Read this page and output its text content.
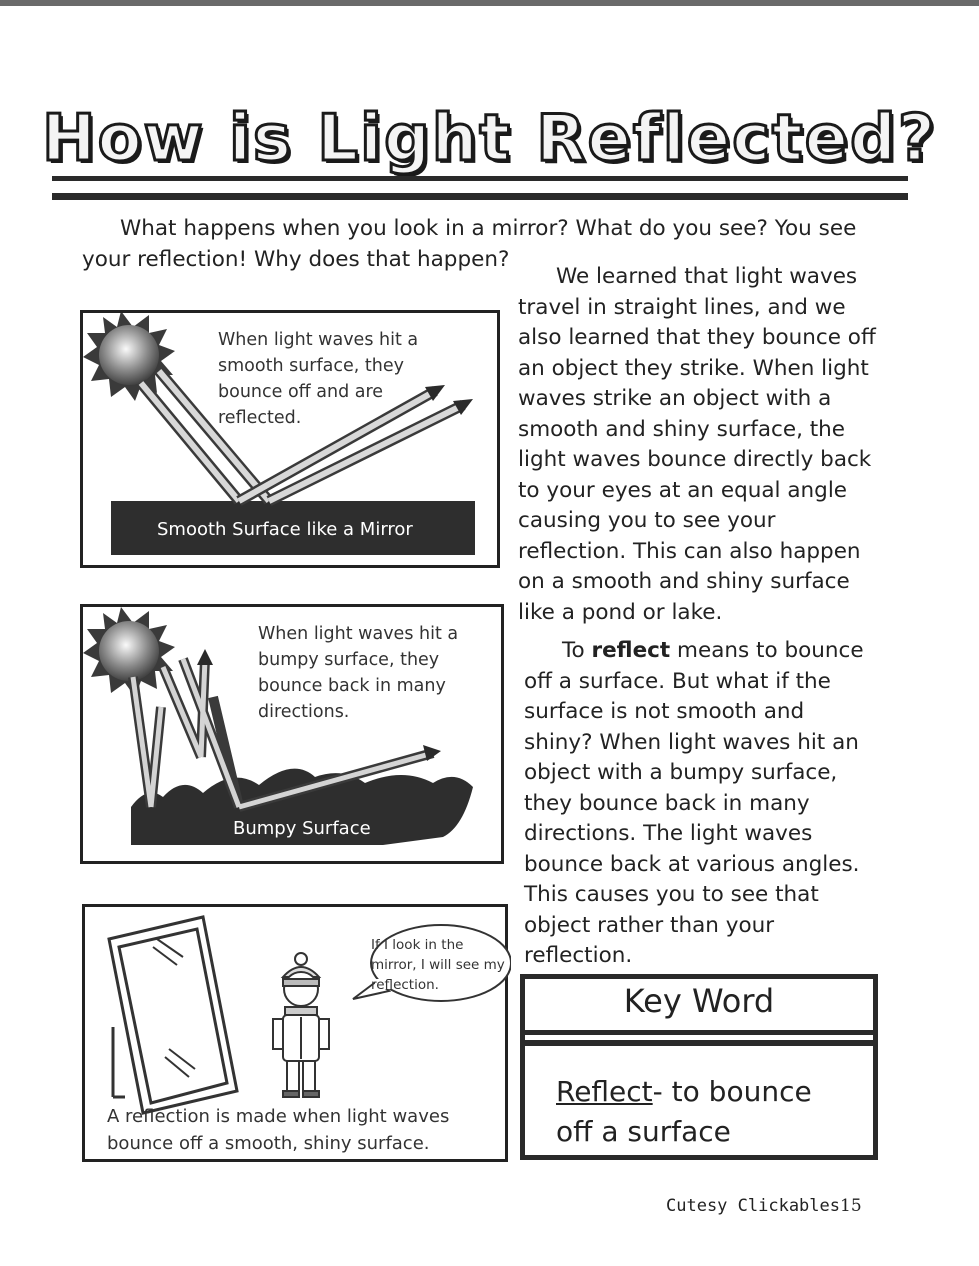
How is Light Reflected?

What happens when you look in a mirror? What do you see? You see your reflection! Why does that happen?

We learned that light waves travel in straight lines, and we also learned that they bounce off an object they strike. When light waves strike an object with a smooth and shiny surface, the light waves bounce directly back to your eyes at an equal angle causing you to see your reflection. This can also happen on a smooth and shiny surface like a pond or lake.

To reflect means to bounce off a surface. But what if the surface is not smooth and shiny? When light waves hit an object with a bumpy surface, they bounce back in many directions. The light waves bounce back at various angles. This causes you to see that object rather than your reflection.

When light waves hit a smooth surface, they bounce off and are reflected.

Smooth Surface like a Mirror

When light waves hit a bumpy surface, they bounce back in many directions.

Bumpy Surface

If I look in the mirror, I will see my reflection.

A reflection is made when light waves bounce off a smooth, shiny surface.

Key Word
Reflect- to bounce off a surface
Cutesy Clickables 15
